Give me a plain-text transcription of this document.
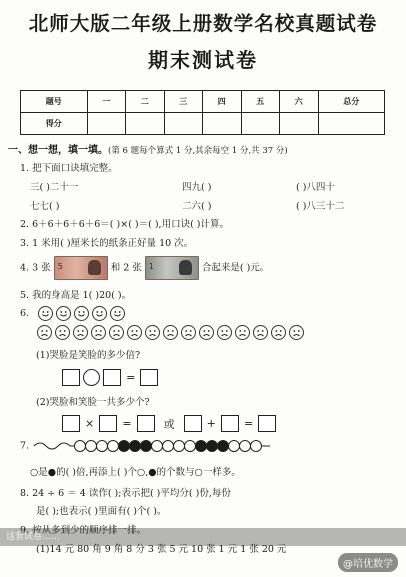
北师大版二年级上册数学名校真题试卷
期末测试卷
题号	一	二	三	四	五	六	总分
得分							
一、想一想，填一填。(第 6 题每个算式 1 分,其余每空 1 分,共 37 分)
1. 把下面口诀填完整。
三( )二十一	四九( )	( )八四十
七七( )	二六( )	( )八三十二
2. 6＋6＋6＋6＋6＝( )×( )＝( ),用口诀( )计算。
3. 1 米用( )厘米长的纸条正好量 10 次。
4. 3 张 5	和 2 张 1	合起来是( )元。
5. 我的身高是 1( )20( )。
6.
(1)哭脸是笑脸的多少倍?
=
(2)哭脸和笑脸一共多少个?
×	=	或	+	=
7.
○是●的( )倍,再添上( )个○,●的个数与○一样多。
8. 24 ÷ 6 ＝ 4 读作( );表示把( )平均分( )份,每份
是( );也表示( )里面有( )个( )。
9. 按从多到少的顺序排一排。
(1)14 元 80 角 9 角 8 分 3 张 5 元 10 张 1 元 1 张 20 元
这套试卷……
@培优数学
